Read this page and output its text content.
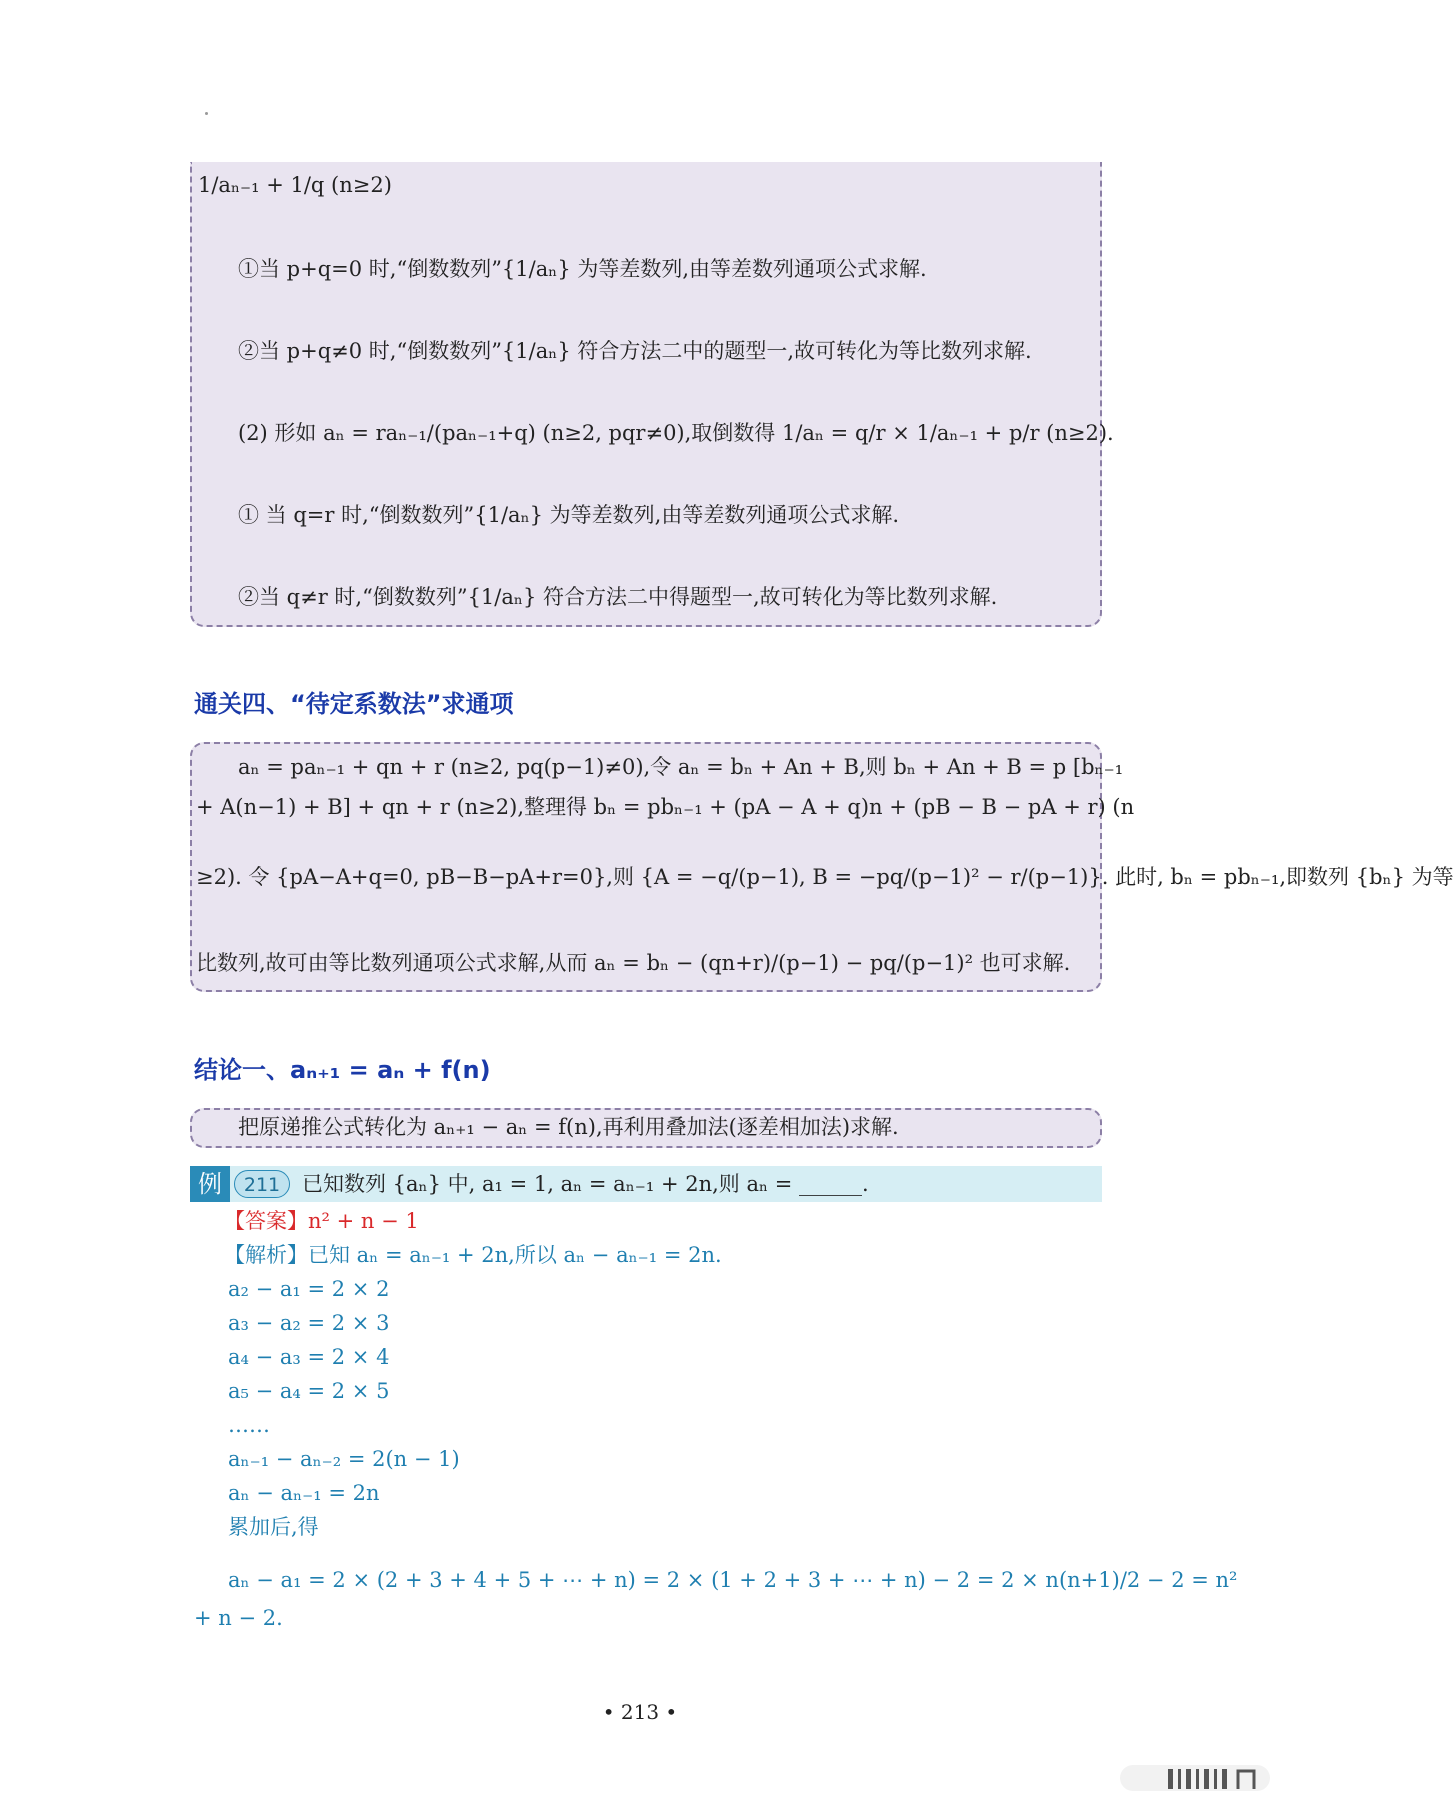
1/aₙ₋₁ + 1/q (n≥2)
①当 p+q=0 时,“倒数数列”{1/aₙ} 为等差数列,由等差数列通项公式求解.
②当 p+q≠0 时,“倒数数列”{1/aₙ} 符合方法二中的题型一,故可转化为等比数列求解.
(2) 形如 aₙ = raₙ₋₁/(paₙ₋₁+q) (n≥2, pqr≠0),取倒数得 1/aₙ = q/r × 1/aₙ₋₁ + p/r (n≥2).
① 当 q=r 时,“倒数数列”{1/aₙ} 为等差数列,由等差数列通项公式求解.
②当 q≠r 时,“倒数数列”{1/aₙ} 符合方法二中得题型一,故可转化为等比数列求解.
通关四、“待定系数法”求通项
aₙ = paₙ₋₁ + qn + r (n≥2, pq(p−1)≠0),令 aₙ = bₙ + An + B,则 bₙ + An + B = p [bₙ₋₁
+ A(n−1) + B] + qn + r (n≥2),整理得 bₙ = pbₙ₋₁ + (pA − A + q)n + (pB − B − pA + r) (n
≥2). 令 {pA−A+q=0, pB−B−pA+r=0},则 {A = −q/(p−1), B = −pq/(p−1)² − r/(p−1)}. 此时, bₙ = pbₙ₋₁,即数列 {bₙ} 为等
比数列,故可由等比数列通项公式求解,从而 aₙ = bₙ − (qn+r)/(p−1) − pq/(p−1)² 也可求解.
结论一、aₙ₊₁ = aₙ + f(n)
把原递推公式转化为 aₙ₊₁ − aₙ = f(n),再利用叠加法(逐差相加法)求解.
例	211	已知数列 {aₙ} 中, a₁ = 1, aₙ = aₙ₋₁ + 2n,则 aₙ = ______.
【答案】n² + n − 1
【解析】已知 aₙ = aₙ₋₁ + 2n,所以 aₙ − aₙ₋₁ = 2n.
a₂ − a₁ = 2 × 2
a₃ − a₂ = 2 × 3
a₄ − a₃ = 2 × 4
a₅ − a₄ = 2 × 5
……
aₙ₋₁ − aₙ₋₂ = 2(n − 1)
aₙ − aₙ₋₁ = 2n
累加后,得
aₙ − a₁ = 2 × (2 + 3 + 4 + 5 + ⋯ + n) = 2 × (1 + 2 + 3 + ⋯ + n) − 2 = 2 × n(n+1)/2 − 2 = n²
+ n − 2.
• 213 •
